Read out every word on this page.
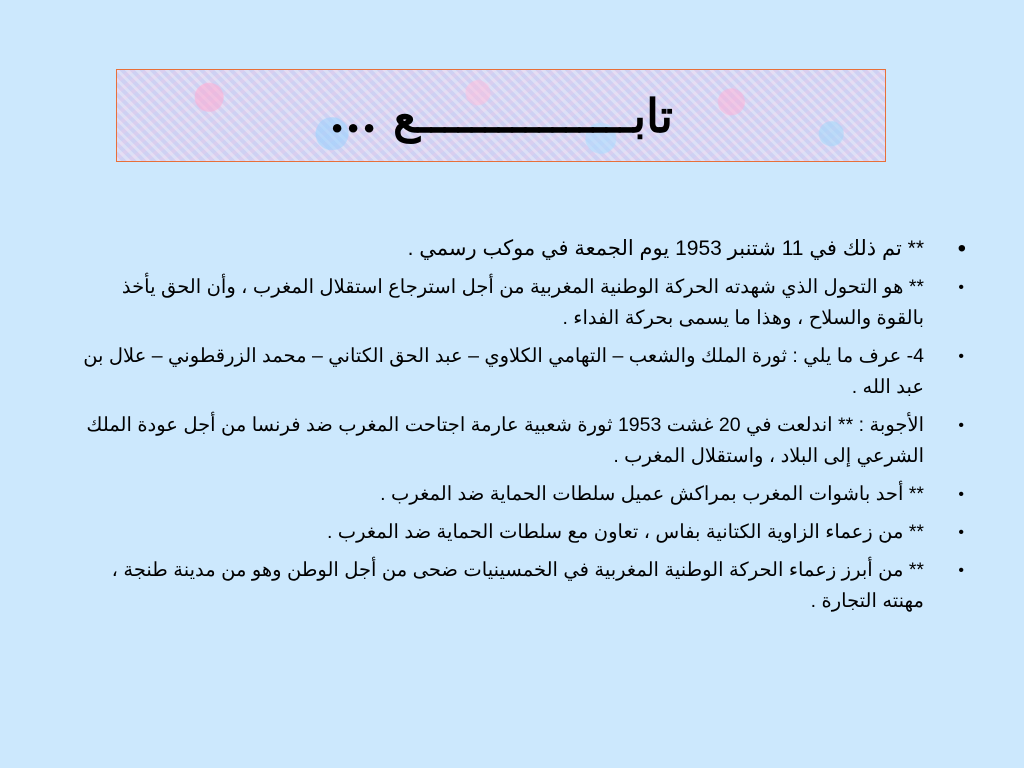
تابــــــــــــــــع ...
•
** تم ذلك في 11 شتنبر 1953 يوم الجمعة في موكب رسمي .
•
** هو التحول الذي شهدته الحركة الوطنية المغربية من أجل استرجاع استقلال المغرب ، وأن الحق يأخذ بالقوة والسلاح ، وهذا ما يسمى بحركة الفداء .
•
4- عرف ما يلي : ثورة الملك والشعب – التهامي الكلاوي – عبد الحق الكتاني – محمد الزرقطوني – علال بن عبد الله .
•
الأجوبة : ** اندلعت في 20 غشت 1953 ثورة شعبية عارمة اجتاحت المغرب ضد فرنسا من أجل عودة الملك الشرعي إلى البلاد ، واستقلال المغرب .
•
** أحد باشوات المغرب بمراكش عميل سلطات الحماية ضد المغرب .
•
** من زعماء الزاوية الكتانية بفاس ، تعاون مع سلطات الحماية ضد المغرب .
•
** من أبرز زعماء الحركة الوطنية المغربية في الخمسينيات ضحى من أجل الوطن وهو من مدينة طنجة ، مهنته التجارة .
